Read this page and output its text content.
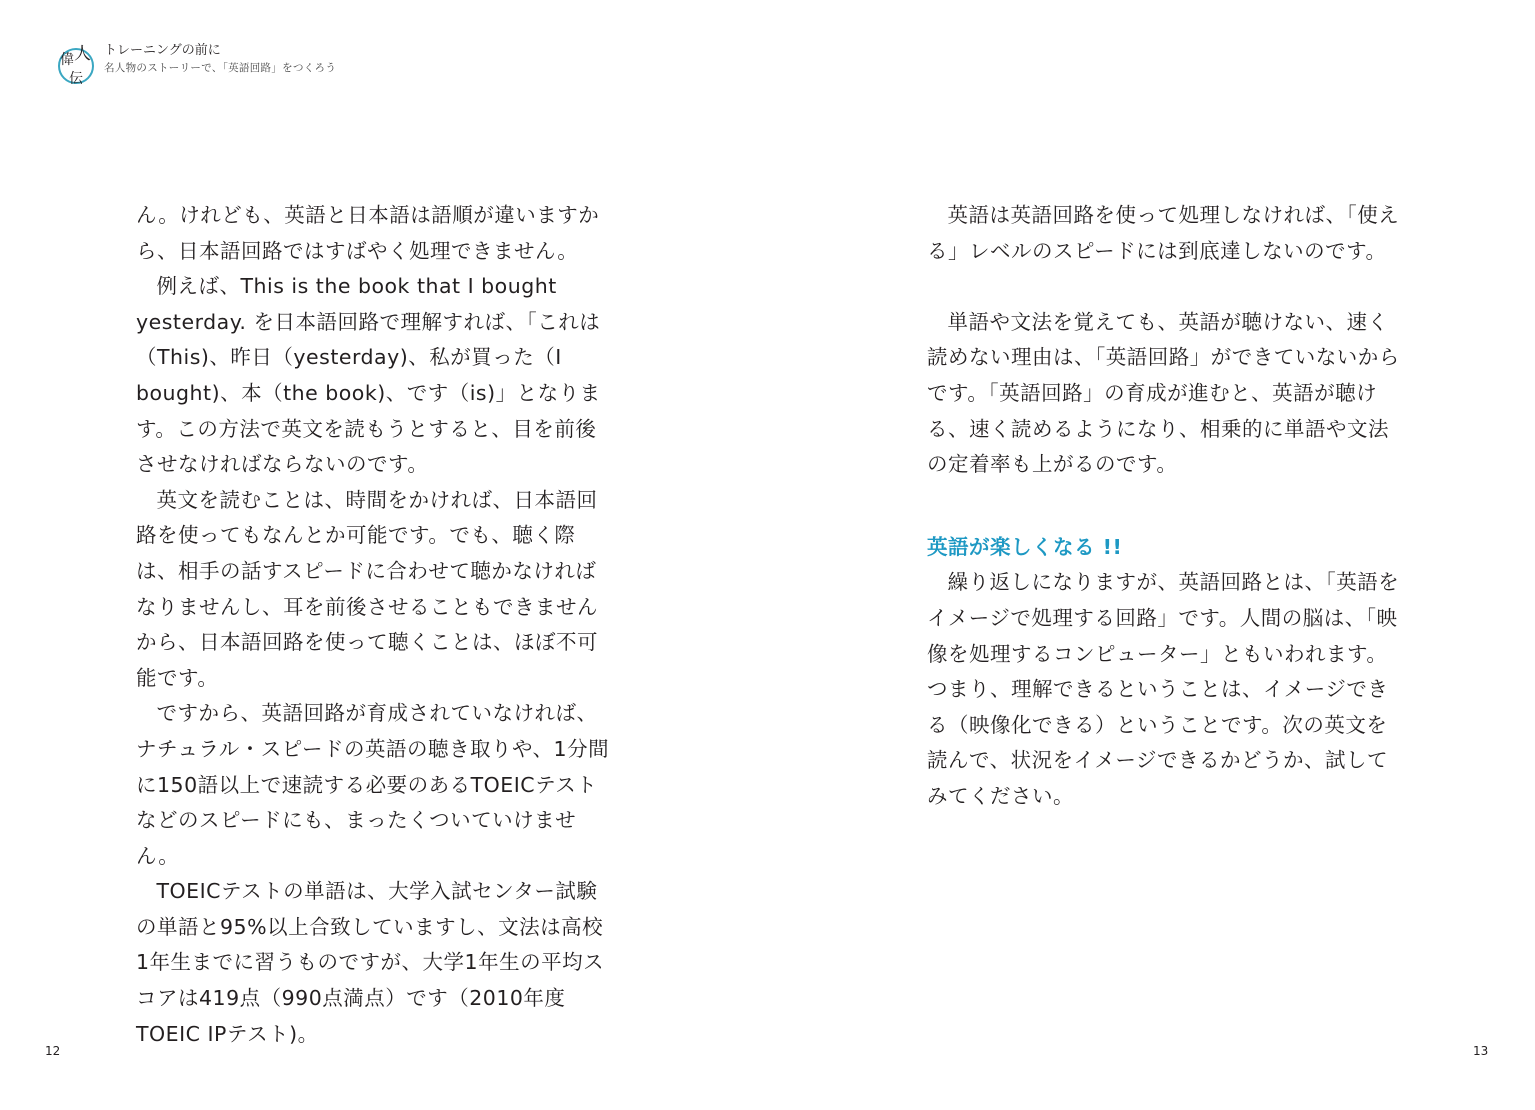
偉 人
伝
トレーニングの前に
名人物のストーリーで、「英語回路」をつくろう

ん。けれども、英語と日本語は語順が違いますから、日本語回路ではすばやく処理できません。

例えば、This is the book that I bought yesterday. を日本語回路で理解すれば、「これは（This)、昨日（yesterday)、私が買った（I bought)、本（the book)、です（is)」となります。この方法で英文を読もうとすると、目を前後させなければならないのです。

英文を読むことは、時間をかければ、日本語回路を使ってもなんとか可能です。でも、聴く際は、相手の話すスピードに合わせて聴かなければなりませんし、耳を前後させることもできませんから、日本語回路を使って聴くことは、ほぼ不可能です。

ですから、英語回路が育成されていなければ、ナチュラル・スピードの英語の聴き取りや、1分間に150語以上で速読する必要のあるTOEICテストなどのスピードにも、まったくついていけません。

TOEICテストの単語は、大学入試センター試験の単語と95%以上合致していますし、文法は高校1年生までに習うものですが、大学1年生の平均スコアは419点（990点満点）です（2010年度TOEIC IPテスト)。

英語は英語回路を使って処理しなければ、「使える」レベルのスピードには到底達しないのです。

単語や文法を覚えても、英語が聴けない、速く読めない理由は、「英語回路」ができていないからです。「英語回路」の育成が進むと、英語が聴ける、速く読めるようになり、相乗的に単語や文法の定着率も上がるのです。

英語が楽しくなる !!

繰り返しになりますが、英語回路とは、「英語をイメージで処理する回路」です。人間の脳は、「映像を処理するコンピューター」ともいわれます。つまり、理解できるということは、イメージできる（映像化できる）ということです。次の英文を読んで、状況をイメージできるかどうか、試してみてください。

12	13
